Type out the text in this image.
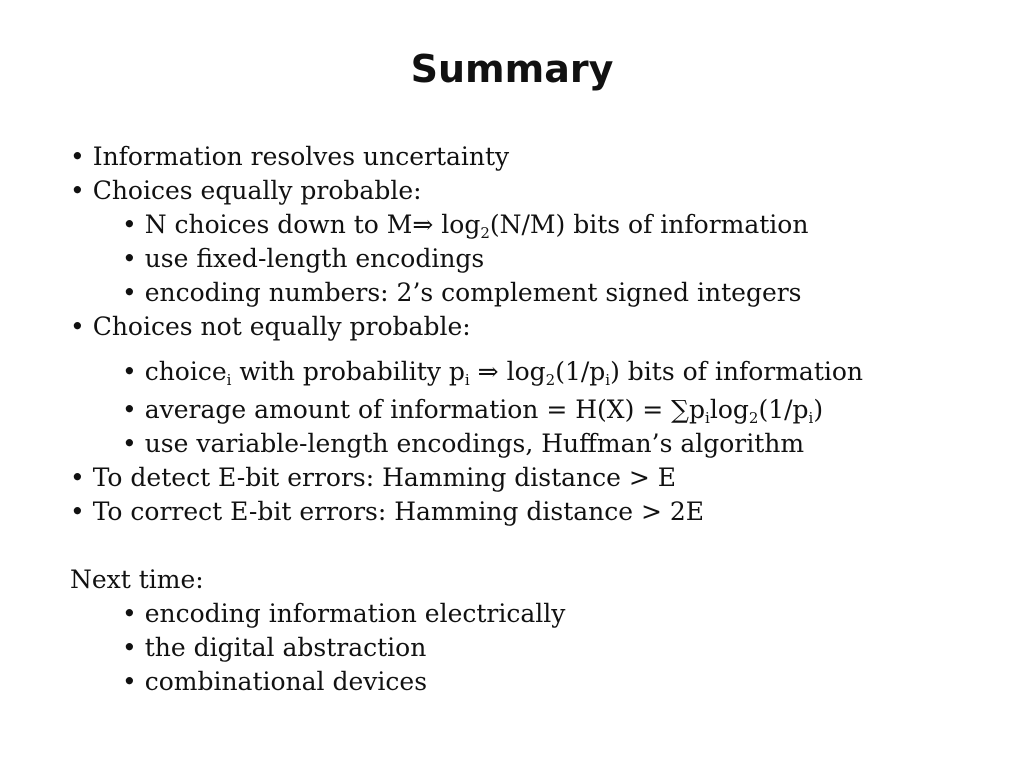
Summary
• Information resolves uncertainty
• Choices equally probable:
• N choices down to M⇒ $\log_2(N/M)$ bits of information
• use fixed-length encodings
• encoding numbers: 2’s complement signed integers
• Choices not equally probable:
• choice$_i$ with probability $p_i$ ⇒ $\log_2(1/p_i)$ bits of information
• average amount of information = $H(X) = \sum p_i\log_2(1/p_i)$
• use variable-length encodings, Huffman’s algorithm
• To detect E-bit errors: Hamming distance > E
• To correct E-bit errors: Hamming distance > 2E
Next time:
• encoding information electrically
• the digital abstraction
• combinational devices
